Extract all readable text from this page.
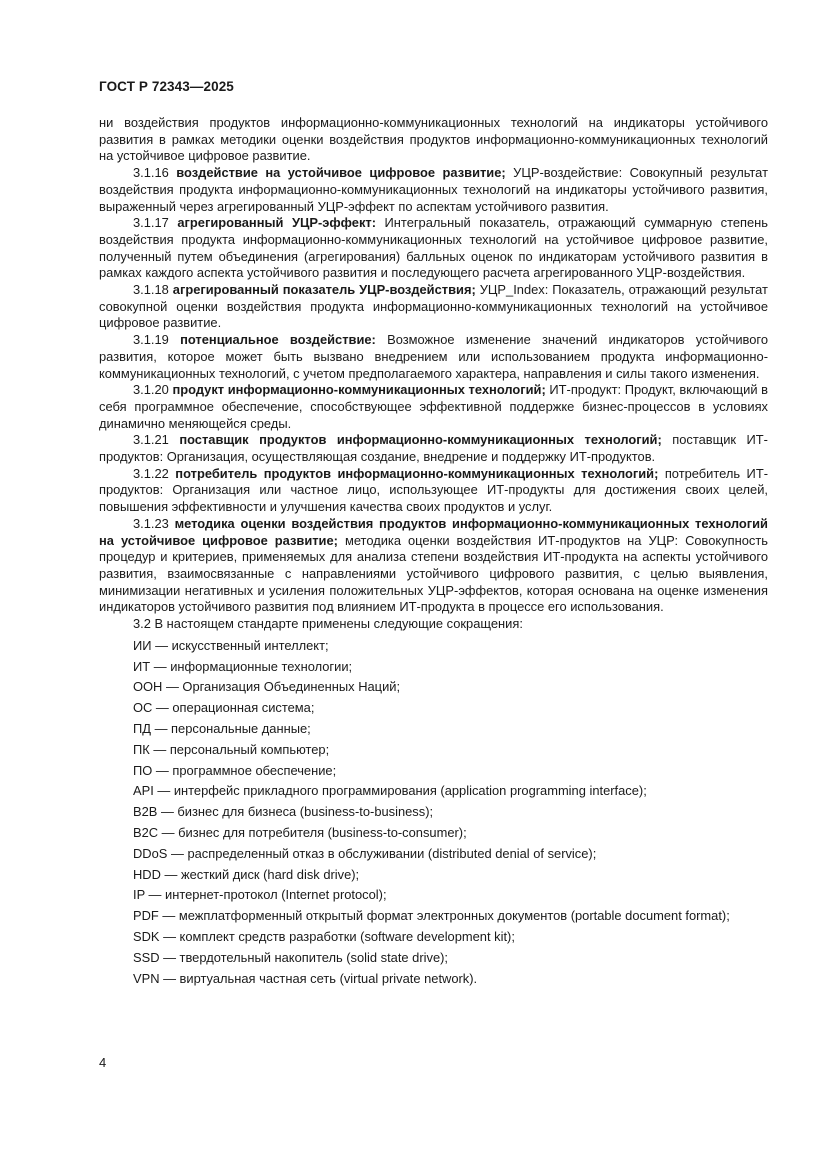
ГОСТ Р 72343—2025

ни воздействия продуктов информационно-коммуникационных технологий на индикаторы устойчивого развития в рамках методики оценки воздействия продуктов информационно-коммуникационных технологий на устойчивое цифровое развитие.

3.1.16 воздействие на устойчивое цифровое развитие; УЦР-воздействие: Совокупный результат воздействия продукта информационно-коммуникационных технологий на индикаторы устойчивого развития, выраженный через агрегированный УЦР-эффект по аспектам устойчивого развития.

3.1.17 агрегированный УЦР-эффект: Интегральный показатель, отражающий суммарную степень воздействия продукта информационно-коммуникационных технологий на устойчивое цифровое развитие, полученный путем объединения (агрегирования) балльных оценок по индикаторам устойчивого развития в рамках каждого аспекта устойчивого развития и последующего расчета агрегированного УЦР-воздействия.

3.1.18 агрегированный показатель УЦР-воздействия; УЦР_Index: Показатель, отражающий результат совокупной оценки воздействия продукта информационно-коммуникационных технологий на устойчивое цифровое развитие.

3.1.19 потенциальное воздействие: Возможное изменение значений индикаторов устойчивого развития, которое может быть вызвано внедрением или использованием продукта информационно-коммуникационных технологий, с учетом предполагаемого характера, направления и силы такого изменения.

3.1.20 продукт информационно-коммуникационных технологий; ИТ-продукт: Продукт, включающий в себя программное обеспечение, способствующее эффективной поддержке бизнес-процессов в условиях динамично меняющейся среды.

3.1.21 поставщик продуктов информационно-коммуникационных технологий; поставщик ИТ-продуктов: Организация, осуществляющая создание, внедрение и поддержку ИТ-продуктов.

3.1.22 потребитель продуктов информационно-коммуникационных технологий; потребитель ИТ-продуктов: Организация или частное лицо, использующее ИТ-продукты для достижения своих целей, повышения эффективности и улучшения качества своих продуктов и услуг.

3.1.23 методика оценки воздействия продуктов информационно-коммуникационных технологий на устойчивое цифровое развитие; методика оценки воздействия ИТ-продуктов на УЦР: Совокупность процедур и критериев, применяемых для анализа степени воздействия ИТ-продукта на аспекты устойчивого развития, взаимосвязанные с направлениями устойчивого цифрового развития, с целью выявления, минимизации негативных и усиления положительных УЦР-эффектов, которая основана на оценке изменения индикаторов устойчивого развития под влиянием ИТ-продукта в процессе его использования.

3.2 В настоящем стандарте применены следующие сокращения:

ИИ — искусственный интеллект;

ИТ — информационные технологии;

ООН — Организация Объединенных Наций;

ОС — операционная система;

ПД — персональные данные;

ПК — персональный компьютер;

ПО — программное обеспечение;

API — интерфейс прикладного программирования (application programming interface);

B2B — бизнес для бизнеса (business-to-business);

B2C — бизнес для потребителя (business-to-consumer);

DDoS — распределенный отказ в обслуживании (distributed denial of service);

HDD — жесткий диск (hard disk drive);

IP — интернет-протокол (Internet protocol);

PDF — межплатформенный открытый формат электронных документов (portable document format);

SDK — комплект средств разработки (software development kit);

SSD — твердотельный накопитель (solid state drive);

VPN — виртуальная частная сеть (virtual private network).

4
